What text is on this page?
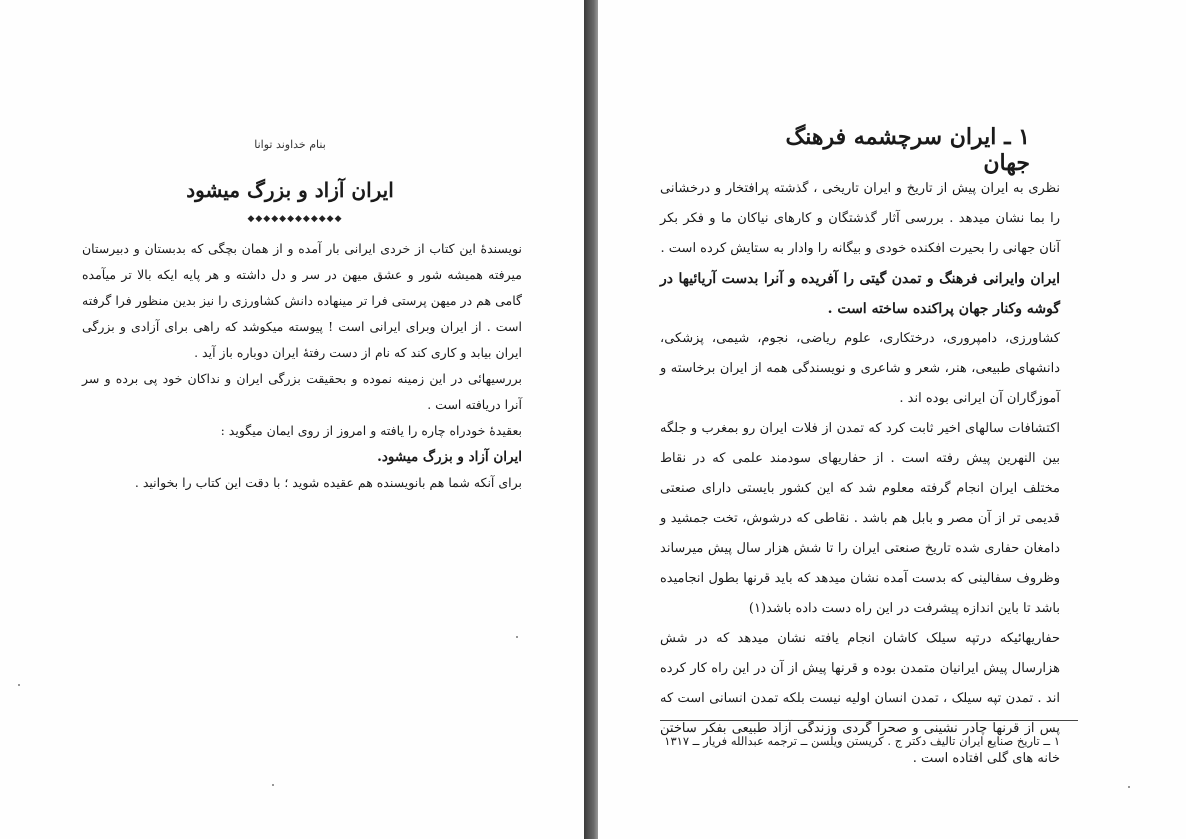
بنام خداوند توانا
ایران آزاد و بزرگ میشود
◆◆◆◆◆◆◆◆◆◆◆◆

نویسندهٔ این کتاب از خردی ایرانی بار آمده و از همان بچگی که بدبستان و دبیرستان میرفته همیشه شور و عشق میهن در سر و دل داشته و هر پایه ایکه بالا تر میآمده گامی هم در میهن پرستی فرا تر مینهاده دانش کشاورزی را نیز بدین منظور فرا گرفته است . از ایران وبرای ایرانی است ! پیوسته میکوشد که راهی برای آزادی و بزرگی ایران بیابد و کاری کند که نام از دست رفتهٔ ایران دوباره باز آید .

بررسیهائی در این زمینه نموده و بحقیقت بزرگی ایران و نداکان خود پی برده و سر آنرا دریافته است .

بعقیدهٔ خودراه چاره را یافته و امروز از روی ایمان میگوید :

ایران آزاد و بزرگ میشود.

برای آنکه شما هم بانویسنده هم عقیده شوید ؛ با دقت این کتاب را بخوانید .

۱ ـ ایران سرچشمه فرهنگ جهان

نظری به ایران پیش از تاریخ و ایران تاریخی ، گذشته پرافتخار و درخشانی را بما نشان میدهد . بررسی آثار گذشتگان و کارهای نیاکان ما و فکر بکر آنان جهانی را بحیرت افکنده خودی و بیگانه را وادار به ستایش کرده است .

ایران وایرانی فرهنگ و تمدن گیتی را آفریده و آنرا بدست آریائیها در گوشه وکنار جهان پراکنده ساخته است .

کشاورزی، دامپروری، درختکاری، علوم ریاضی، نجوم، شیمی، پزشکی، دانشهای طبیعی، هنر، شعر و شاعری و نویسندگی همه از ایران برخاسته و آموزگاران آن ایرانی بوده اند .

اکتشافات سالهای اخیر ثابت کرد که تمدن از فلات ایران رو بمغرب و جلگه بین النهرین پیش رفته است . از حفاریهای سودمند علمی که در نقاط مختلف ایران انجام گرفته معلوم شد که این کشور بایستی دارای صنعتی قدیمی تر از آن مصر و بابل هم باشد . نقاطی که درشوش، تخت جمشید و دامغان حفاری شده تاریخ صنعتی ایران را تا شش هزار سال پیش میرساند وظروف سفالینی که بدست آمده نشان میدهد که باید قرنها بطول انجامیده باشد تا باین اندازه پیشرفت در این راه دست داده باشد(۱)

حفاریهائیکه درتپه سیلک کاشان انجام یافته نشان میدهد که در شش هزارسال پیش ایرانیان متمدن بوده و قرنها پیش از آن در این راه کار کرده اند . تمدن تپه سیلک ، تمدن انسان اولیه نیست بلکه تمدن انسانی است که پس از قرنها چادر نشینی و صحرا گردی وزندگی آزاد طبیعی بفکر ساختن خانه های گلی افتاده است .

۱ ــ تاریخ صنایع ایران تالیف دکتر ج . کریستن ویلسن ــ ترجمه عبدالله فریار ــ ۱۳۱۷
